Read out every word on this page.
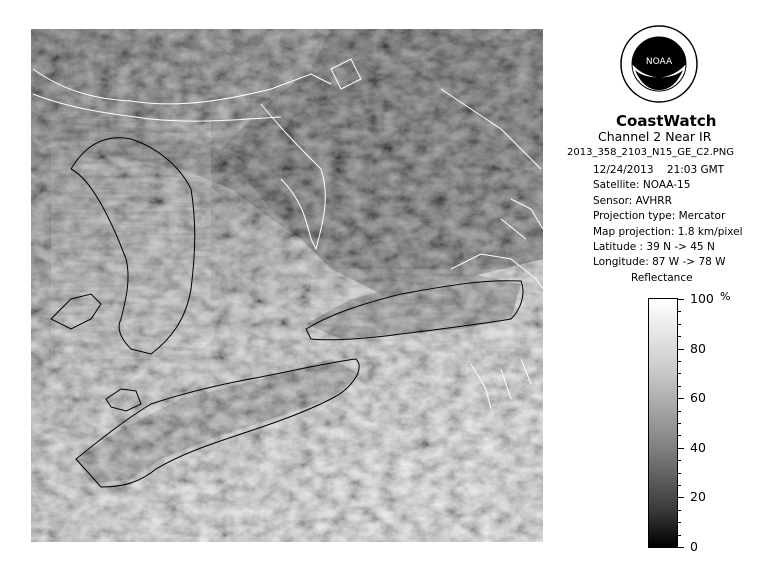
NOAA
CoastWatch
Channel 2 Near IR
2013_358_2103_N15_GE_C2.PNG
12/24/2013 21:03 GMT
Satellite: NOAA-15
Sensor: AVHRR
Projection type: Mercator
Map projection: 1.8 km/pixel
Latitude : 39 N -> 45 N
Longitude: 87 W -> 78 W
Reflectance
%
100
80
60
40
20
0
